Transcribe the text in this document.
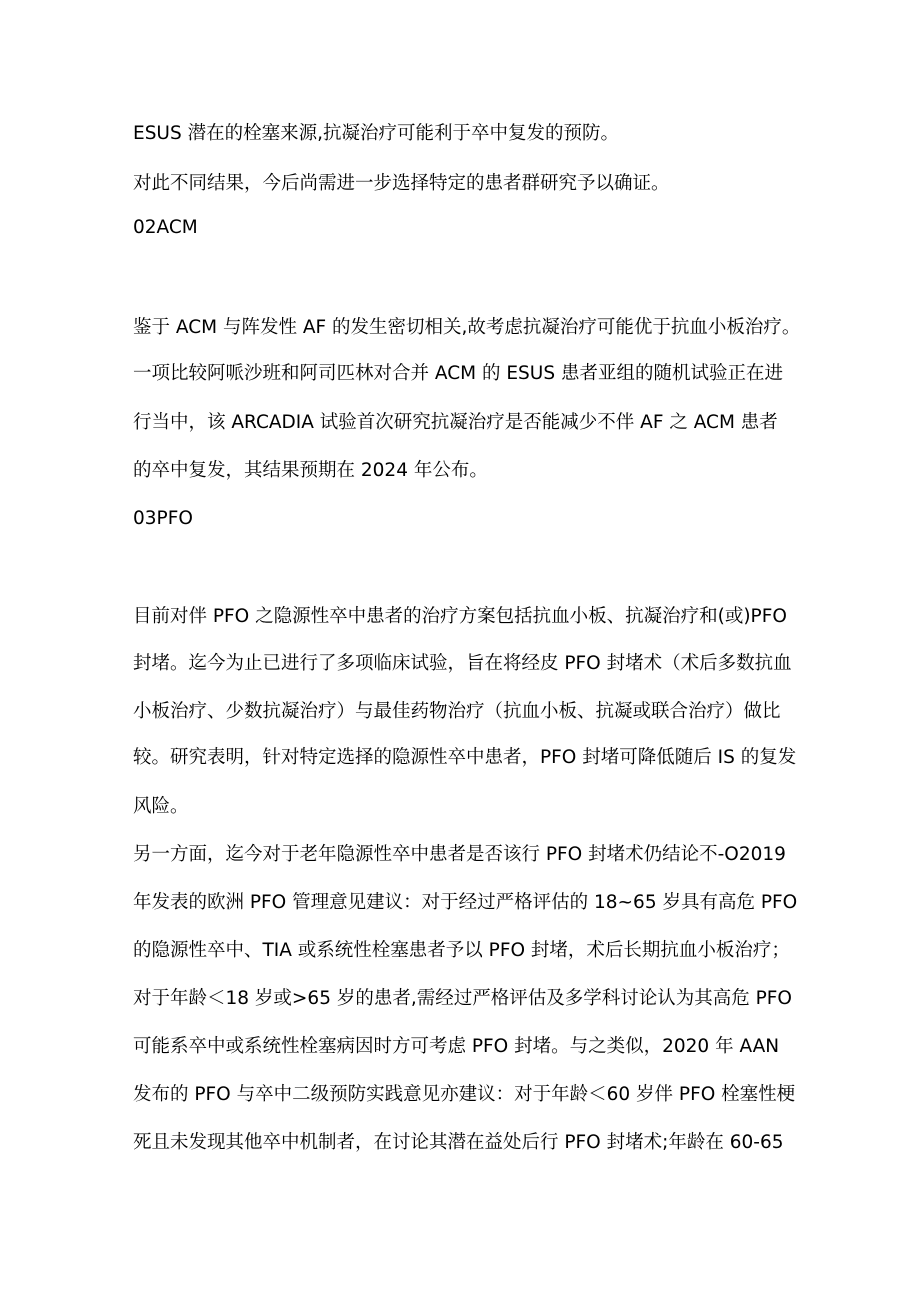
ESUS 潜在的栓塞来源,抗凝治疗可能利于卒中复发的预防。
对此不同结果，今后尚需进一步选择特定的患者群研究予以确证。
02ACM
鉴于 ACM 与阵发性 AF 的发生密切相关,故考虑抗凝治疗可能优于抗血小板治疗。
一项比较阿哌沙班和阿司匹林对合并 ACM 的 ESUS 患者亚组的随机试验正在进
行当中，该 ARCADIA 试验首次研究抗凝治疗是否能减少不伴 AF 之 ACM 患者
的卒中复发，其结果预期在 2024 年公布。
03PFO
目前对伴 PFO 之隐源性卒中患者的治疗方案包括抗血小板、抗凝治疗和(或)PFO
封堵。迄今为止已进行了多项临床试验，旨在将经皮 PFO 封堵术（术后多数抗血
小板治疗、少数抗凝治疗）与最佳药物治疗（抗血小板、抗凝或联合治疗）做比
较。研究表明，针对特定选择的隐源性卒中患者，PFO 封堵可降低随后 IS 的复发
风险。
另一方面，迄今对于老年隐源性卒中患者是否该行 PFO 封堵术仍结论不-O2019
年发表的欧洲 PFO 管理意见建议：对于经过严格评估的 18~65 岁具有高危 PFO
的隐源性卒中、TIA 或系统性栓塞患者予以 PFO 封堵，术后长期抗血小板治疗；
对于年龄＜18 岁或>65 岁的患者,需经过严格评估及多学科讨论认为其高危 PFO
可能系卒中或系统性栓塞病因时方可考虑 PFO 封堵。与之类似，2020 年 AAN
发布的 PFO 与卒中二级预防实践意见亦建议：对于年龄＜60 岁伴 PFO 栓塞性梗
死且未发现其他卒中机制者，在讨论其潜在益处后行 PFO 封堵术;年龄在 60-65
